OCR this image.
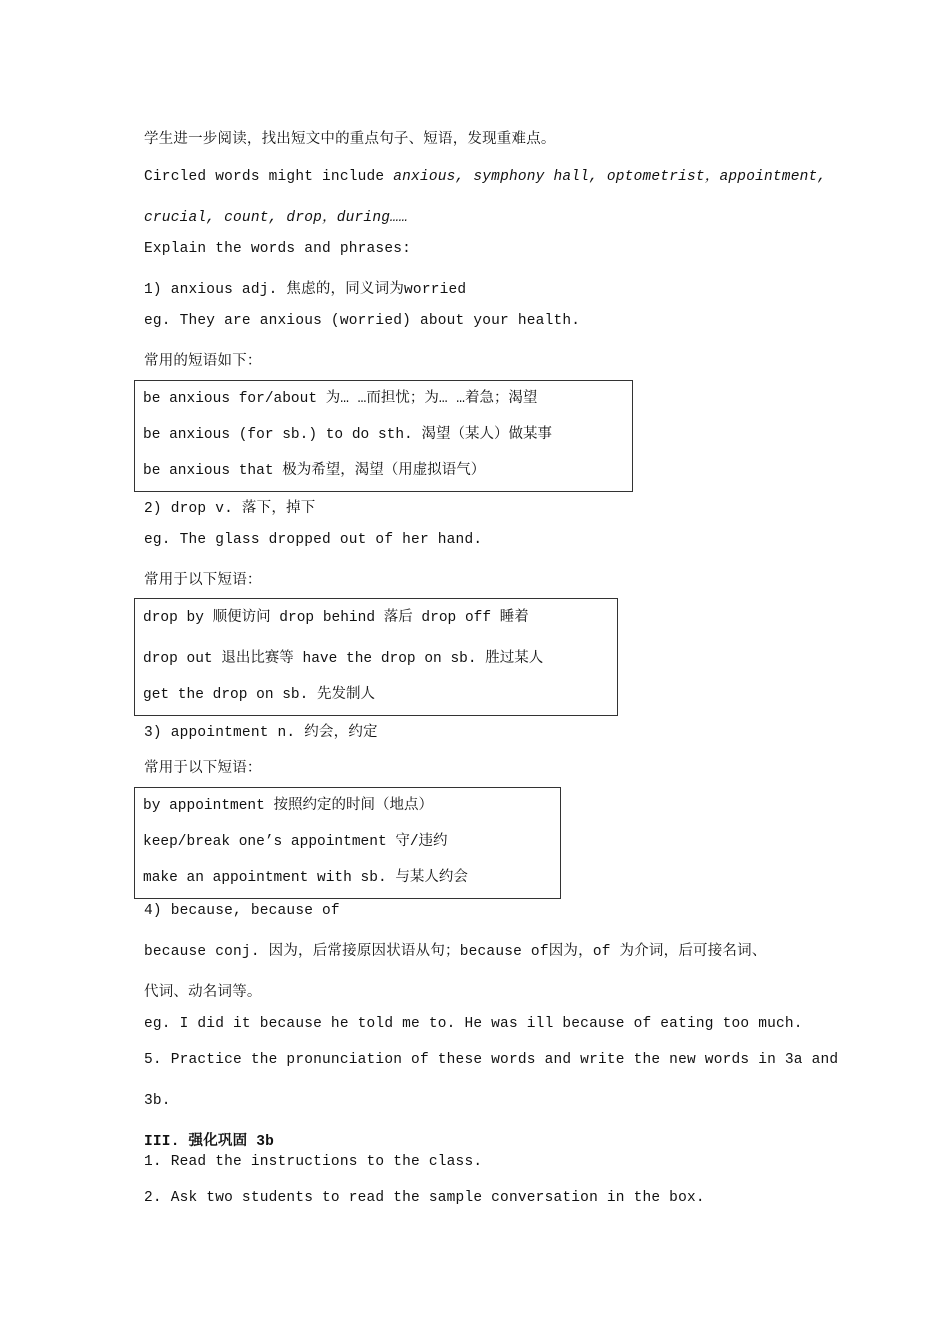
学生进一步阅读，找出短文中的重点句子、短语，发现重难点。
Circled words might include anxious, symphony hall, optometrist，appointment,
crucial, count, drop，during……
Explain the words and phrases:
1) anxious adj. 焦虑的，同义词为worried
eg. They are anxious (worried) about your health.
常用的短语如下：
be anxious for/about 为… …而担忧；为… …着急；渴望
be anxious (for sb.) to do sth. 渴望（某人）做某事
be anxious that 极为希望，渴望（用虚拟语气）
2) drop v. 落下，掉下
eg. The glass dropped out of her hand.
常用于以下短语：
drop by 顺便访问 drop behind 落后 drop off 睡着
drop out 退出比赛等 have the drop on sb. 胜过某人
get the drop on sb. 先发制人
3) appointment n. 约会，约定
常用于以下短语：
by appointment 按照约定的时间（地点）
keep/break one’s appointment 守/违约
make an appointment with sb. 与某人约会
4) because, because of
because conj. 因为，后常接原因状语从句；because of因为，of 为介词，后可接名词、
代词、动名词等。
eg. I did it because he told me to. He was ill because of eating too much.
5. Practice the pronunciation of these words and write the new words in 3a and
3b.
III. 强化巩固 3b
1. Read the instructions to the class.
2. Ask two students to read the sample conversation in the box.
